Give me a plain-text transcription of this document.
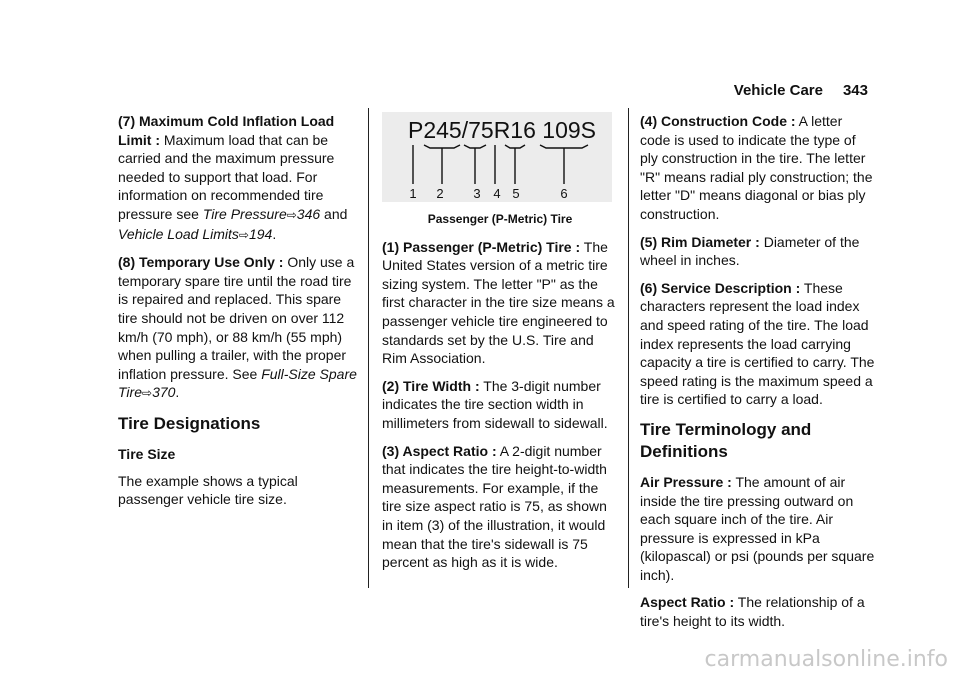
Vehicle Care 343

(7) Maximum Cold Inflation Load Limit : Maximum load that can be carried and the maximum pressure needed to support that load. For information on recommended tire pressure see Tire Pressure⇨346 and Vehicle Load Limits⇨194.

(8) Temporary Use Only : Only use a temporary spare tire until the road tire is repaired and replaced. This spare tire should not be driven on over 112 km/h (70 mph), or 88 km/h (55 mph) when pulling a trailer, with the proper inflation pressure. See Full-Size Spare Tire⇨370.

Tire Designations
Tire Size

The example shows a typical passenger vehicle tire size.

P245/75R16 109S
1 2 3 4 5	6

Passenger (P-Metric) Tire

(1) Passenger (P-Metric) Tire : The United States version of a metric tire sizing system. The letter "P" as the first character in the tire size means a passenger vehicle tire engineered to standards set by the U.S. Tire and Rim Association.

(2) Tire Width : The 3-digit number indicates the tire section width in millimeters from sidewall to sidewall.

(3) Aspect Ratio : A 2-digit number that indicates the tire height-to-width measurements. For example, if the tire size aspect ratio is 75, as shown in item (3) of the illustration, it would mean that the tire's sidewall is 75 percent as high as it is wide.

(4) Construction Code : A letter code is used to indicate the type of ply construction in the tire. The letter "R" means radial ply construction; the letter "D" means diagonal or bias ply construction.

(5) Rim Diameter : Diameter of the wheel in inches.

(6) Service Description : These characters represent the load index and speed rating of the tire. The load index represents the load carrying capacity a tire is certified to carry. The speed rating is the maximum speed a tire is certified to carry a load.

Tire Terminology and Definitions

Air Pressure : The amount of air inside the tire pressing outward on each square inch of the tire. Air pressure is expressed in kPa (kilopascal) or psi (pounds per square inch).

Aspect Ratio : The relationship of a tire's height to its width.

carmanualsonline.info
